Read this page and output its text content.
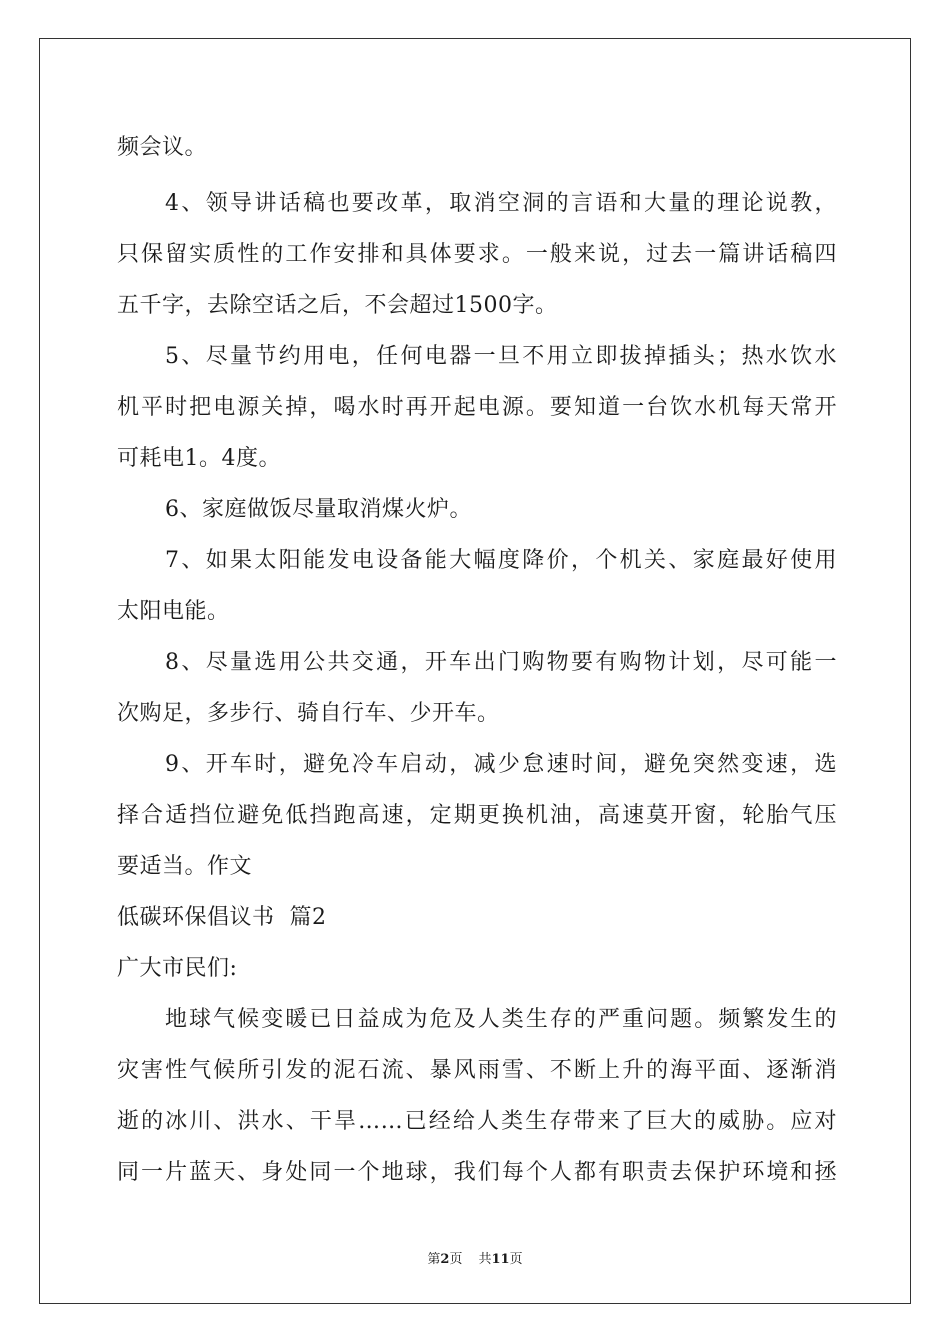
频会议。
4、领导讲话稿也要改革，取消空洞的言语和大量的理论说教，
只保留实质性的工作安排和具体要求。一般来说，过去一篇讲话稿四
五千字，去除空话之后，不会超过1500字。
5、尽量节约用电，任何电器一旦不用立即拔掉插头；热水饮水
机平时把电源关掉，喝水时再开起电源。要知道一台饮水机每天常开
可耗电1。4度。
6、家庭做饭尽量取消煤火炉。
7、如果太阳能发电设备能大幅度降价，个机关、家庭最好使用
太阳电能。
8、尽量选用公共交通，开车出门购物要有购物计划，尽可能一
次购足，多步行、骑自行车、少开车。
9、开车时，避免冷车启动，减少怠速时间，避免突然变速，选
择合适挡位避免低挡跑高速，定期更换机油，高速莫开窗，轮胎气压
要适当。作文
低碳环保倡议书  篇2
广大市民们:
地球气候变暖已日益成为危及人类生存的严重问题。频繁发生的
灾害性气候所引发的泥石流、暴风雨雪、不断上升的海平面、逐渐消
逝的冰川、洪水、干旱……已经给人类生存带来了巨大的威胁。应对
同一片蓝天、身处同一个地球，我们每个人都有职责去保护环境和拯
第2页 共11页
